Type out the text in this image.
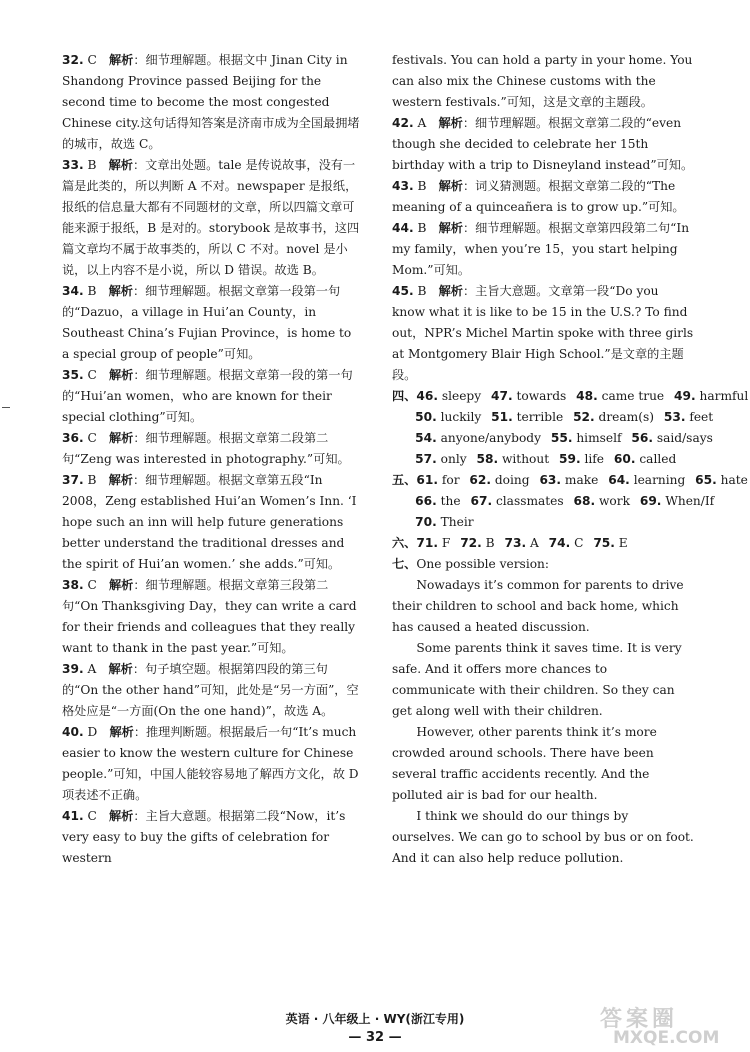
32. C　 解析：细节理解题。根据文中 Jinan City in Shandong Province passed Beijing for the second time to become the most congested Chinese city.这句话得知答案是济南市成为全国最拥堵的城市，故选 C。
33. B　 解析：文章出处题。tale 是传说故事，没有一篇是此类的，所以判断 A 不对。newspaper 是报纸，报纸的信息量大都有不同题材的文章，所以四篇文章可能来源于报纸，B 是对的。storybook 是故事书，这四篇文章均不属于故事类的，所以 C 不对。novel 是小说，以上内容不是小说，所以 D 错误。故选 B。
34. B　 解析：细节理解题。根据文章第一段第一句的“Dazuo，a village in Hui’an County，in Southeast China’s Fujian Province，is home to a special group of people”可知。
35. C　 解析：细节理解题。根据文章第一段的第一句的“Hui’an women，who are known for their special clothing”可知。
36. C　 解析：细节理解题。根据文章第二段第二句“Zeng was interested in photography.”可知。
37. B　 解析：细节理解题。根据文章第五段“In 2008，Zeng established Hui’an Women’s Inn. ‘I hope such an inn will help future generations better understand the traditional dresses and the spirit of Hui’an women.’ she adds.”可知。
38. C　 解析：细节理解题。根据文章第三段第二句“On Thanksgiving Day，they can write a card for their friends and colleagues that they really want to thank in the past year.”可知。
39. A　 解析：句子填空题。根据第四段的第三句的“On the other hand”可知，此处是“另一方面”，空格处应是“一方面(On the one hand)”，故选 A。
40. D　 解析：推理判断题。根据最后一句“It’s much easier to know the western culture for Chinese people.”可知，中国人能较容易地了解西方文化，故 D 项表述不正确。
41. C　 解析：主旨大意题。根据第二段“Now，it’s very easy to buy the gifts of celebration for western
festivals. You can hold a party in your home. You can also mix the Chinese customs with the western festivals.”可知，这是文章的主题段。
42. A　 解析：细节理解题。根据文章第二段的“even though she decided to celebrate her 15th birthday with a trip to Disneyland instead”可知。
43. B　 解析：词义猜测题。根据文章第二段的“The meaning of a quinceañera is to grow up.”可知。
44. B　 解析：细节理解题。根据文章第四段第二句“In my family，when you’re 15，you start helping Mom.”可知。
45. B　 解析：主旨大意题。文章第一段“Do you know what it is like to be 15 in the U.S.? To find out，NPR’s Michel Martin spoke with three girls at Montgomery Blair High School.”是文章的主题段。
四、46. sleepy 47. towards 48. came true 49. harmful
50. luckily 51. terrible 52. dream(s) 53. feet
54. anyone/anybody 55. himself 56. said/says
57. only 58. without 59. life 60. called
五、61. for 62. doing 63. make 64. learning 65. hate
66. the 67. classmates 68. work 69. When/If
70. Their
六、71. F 72. B 73. A 74. C 75. E
七、One possible version:

Nowadays it’s common for parents to drive their children to school and back home, which has caused a heated discussion.

Some parents think it saves time. It is very safe. And it offers more chances to communicate with their children. So they can get along well with their children.

However, other parents think it’s more crowded around schools. There have been several traffic accidents recently. And the polluted air is bad for our health.

I think we should do our things by ourselves. We can go to school by bus or on foot. And it can also help reduce pollution.

英语 · 八年级上 · WY(浙江专用)
— 32 —
答案圈
MXQE.COM
